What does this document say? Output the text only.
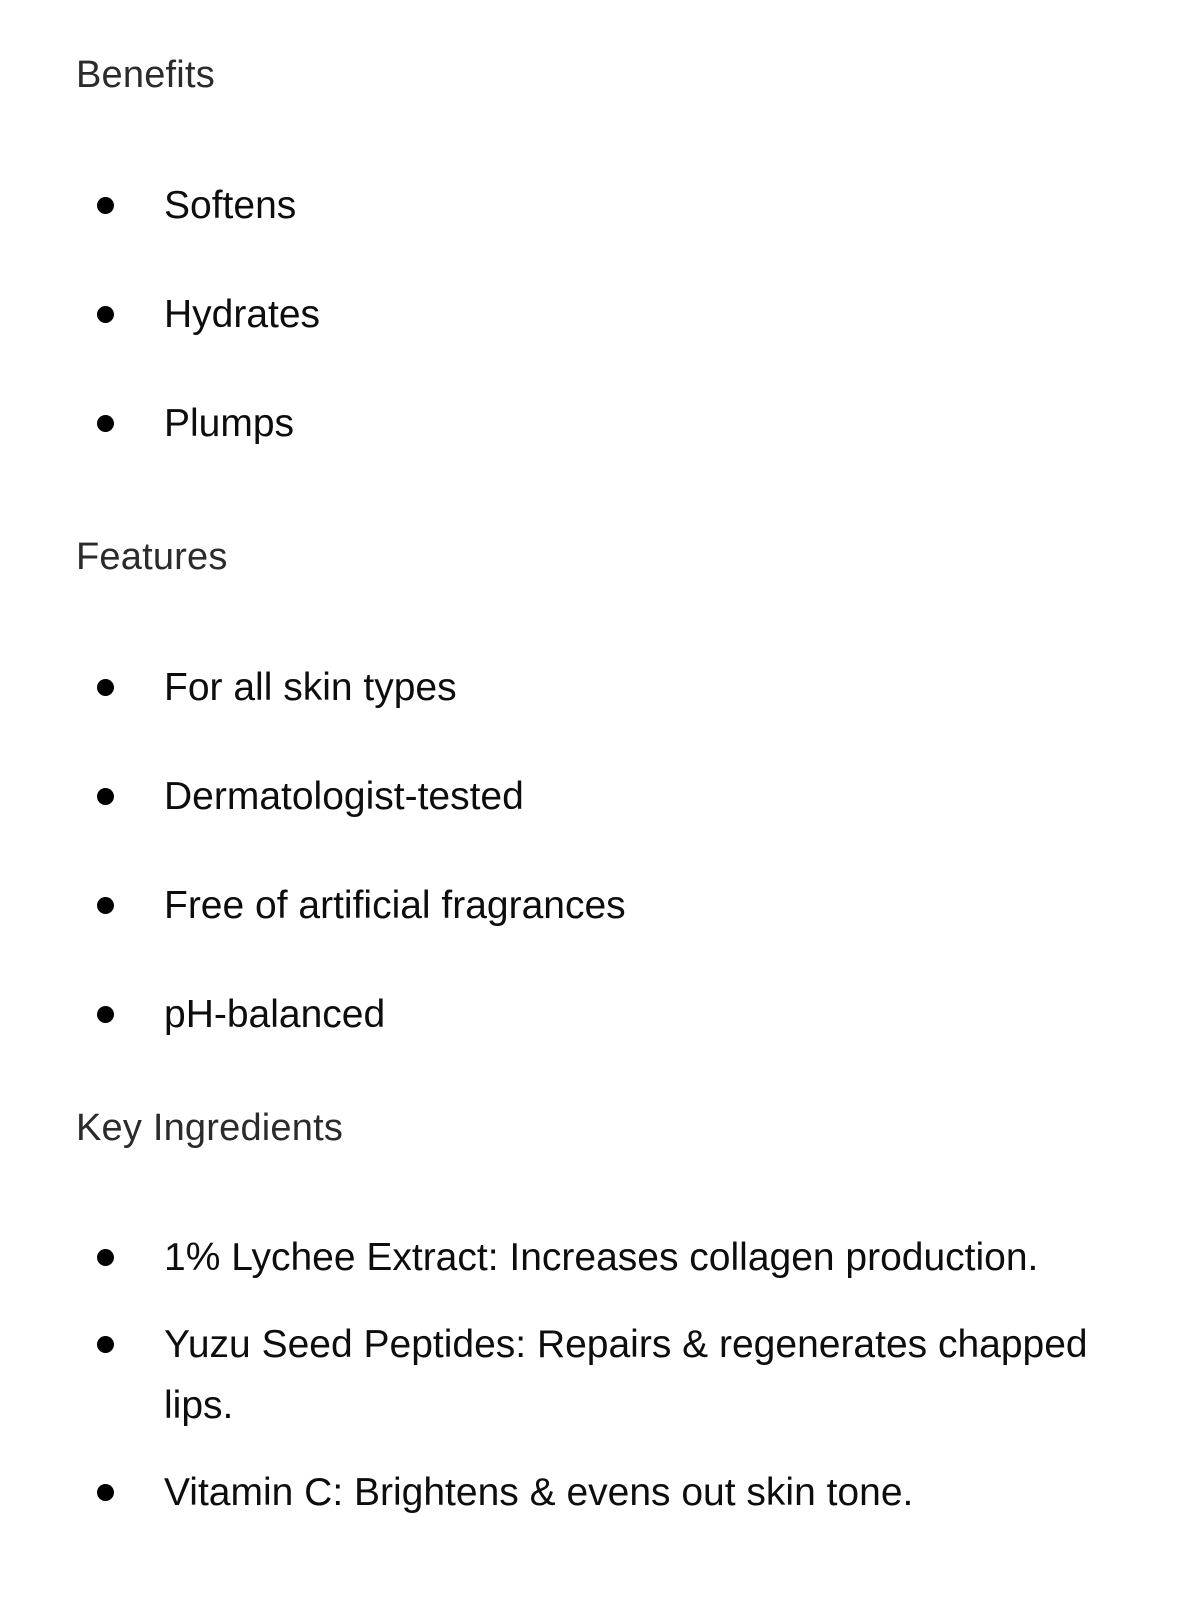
Benefits
Softens
Hydrates
Plumps
Features
For all skin types
Dermatologist-tested
Free of artificial fragrances
pH-balanced
Key Ingredients
1% Lychee Extract: Increases collagen production.
Yuzu Seed Peptides: Repairs & regenerates chapped lips.
Vitamin C: Brightens & evens out skin tone.
